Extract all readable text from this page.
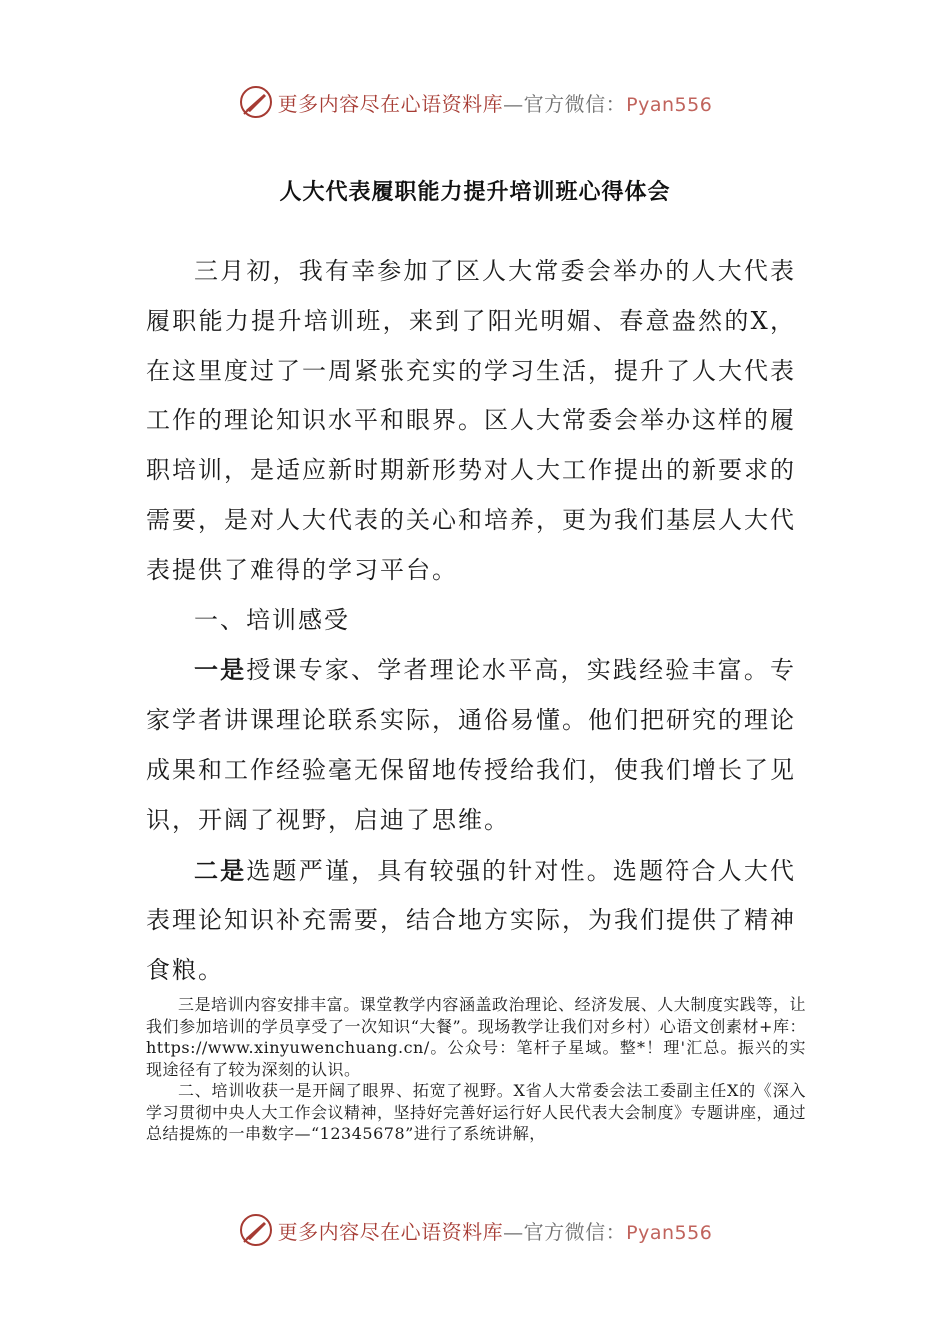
更多内容尽在心语资料库—官方微信：Pyan556
人大代表履职能力提升培训班心得体会

三月初，我有幸参加了区人大常委会举办的人大代表履职能力提升培训班，来到了阳光明媚、春意盎然的X，在这里度过了一周紧张充实的学习生活，提升了人大代表工作的理论知识水平和眼界。区人大常委会举办这样的履职培训，是适应新时期新形势对人大工作提出的新要求的需要，是对人大代表的关心和培养，更为我们基层人大代表提供了难得的学习平台。

一、培训感受

一是授课专家、学者理论水平高，实践经验丰富。专家学者讲课理论联系实际，通俗易懂。他们把研究的理论成果和工作经验毫无保留地传授给我们，使我们增长了见识，开阔了视野，启迪了思维。

二是选题严谨，具有较强的针对性。选题符合人大代表理论知识补充需要，结合地方实际，为我们提供了精神食粮。

三是培训内容安排丰富。课堂教学内容涵盖政治理论、经济发展、人大制度实践等，让我们参加培训的学员享受了一次知识“大餐”。现场教学让我们对乡村）心语文创素材+库：https://www.xinyuwenchuang.cn/。公众号：笔杆子星域。整*！理'汇总。振兴的实现途径有了较为深刻的认识。

二、培训收获一是开阔了眼界、拓宽了视野。X省人大常委会法工委副主任X的《深入学习贯彻中央人大工作会议精神，坚持好完善好运行好人民代表大会制度》专题讲座，通过总结提炼的一串数字—“12345678”进行了系统讲解，

更多内容尽在心语资料库—官方微信：Pyan556
